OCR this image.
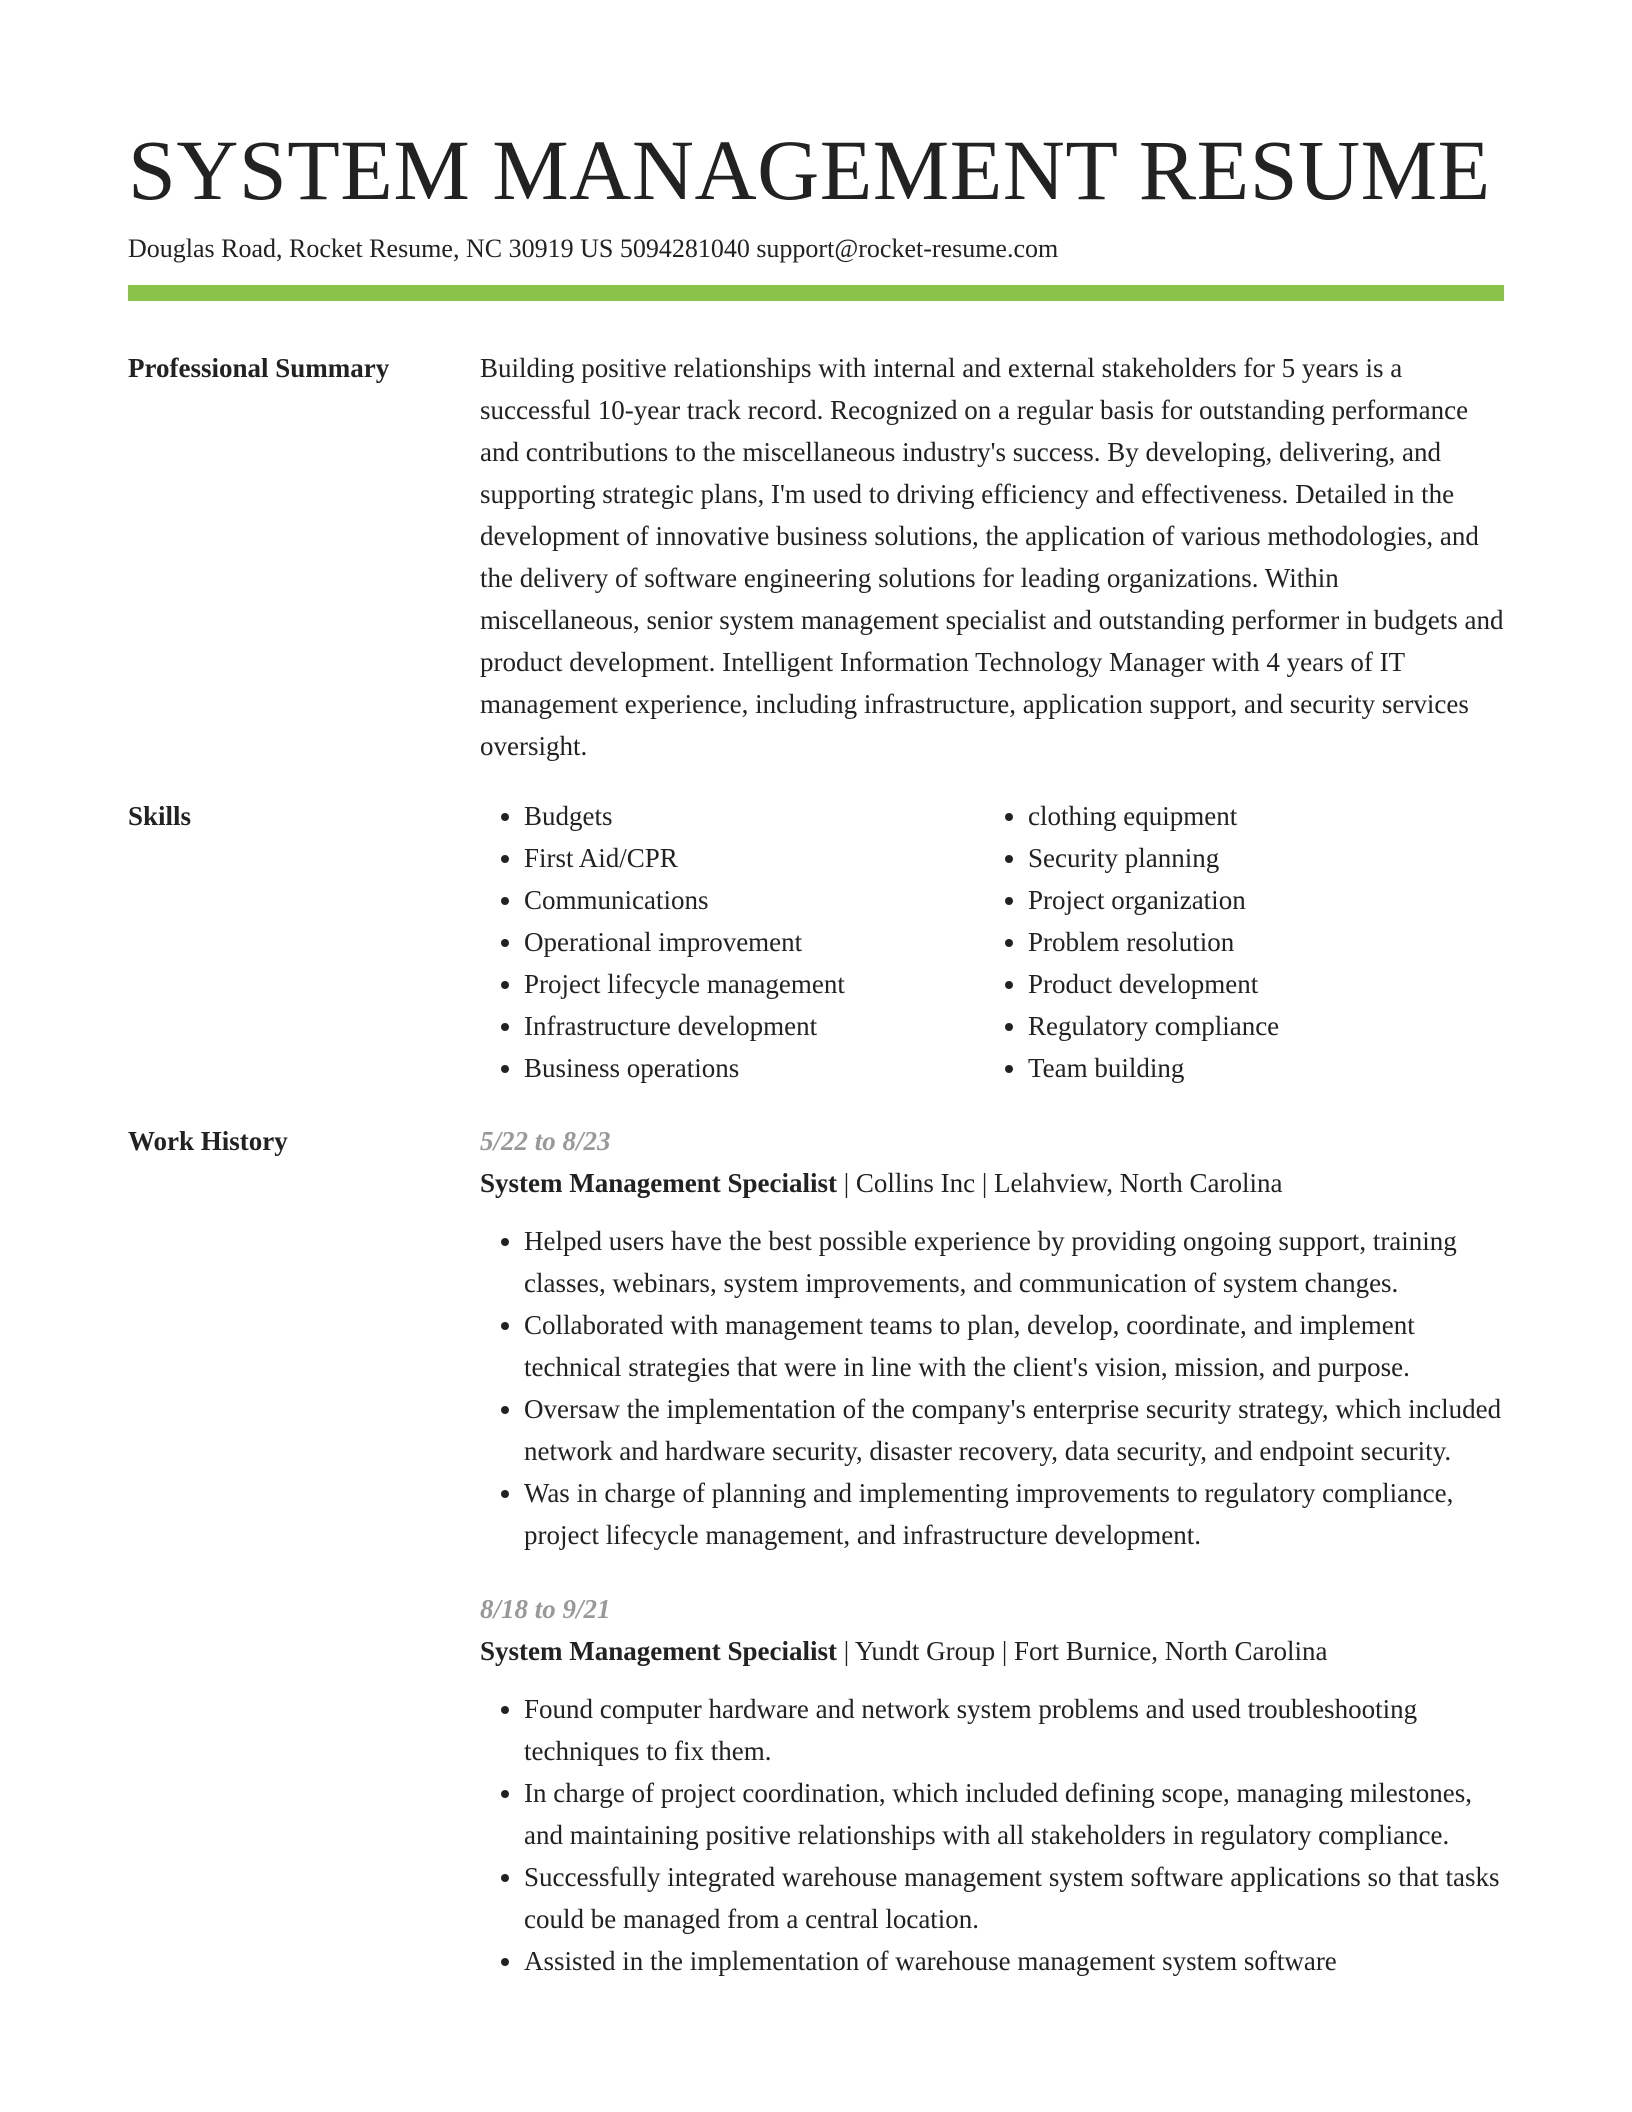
SYSTEM MANAGEMENT RESUME
Douglas Road, Rocket Resume, NC 30919 US 5094281040 support@rocket-resume.com
Professional Summary	Building positive relationships with internal and external stakeholders for 5 years is a successful 10-year track record. Recognized on a regular basis for outstanding performance and contributions to the miscellaneous industry's success. By developing, delivering, and supporting strategic plans, I'm used to driving efficiency and effectiveness. Detailed in the development of innovative business solutions, the application of various methodologies, and the delivery of software engineering solutions for leading organizations. Within miscellaneous, senior system management specialist and outstanding performer in budgets and product development. Intelligent Information Technology Manager with 4 years of IT management experience, including infrastructure, application support, and security services oversight.

Skills
•	Budgets
• First Aid/CPR
• Communications
• Operational improvement
• Project lifecycle management
• Infrastructure development
• Business operations
• clothing equipment
• Security planning
• Project organization
• Problem resolution
• Product development
• Regulatory compliance
• Team building
Work History	5/22 to 8/23
System Management Specialist | Collins Inc | Lelahview, North Carolina
• Helped users have the best possible experience by providing ongoing support, training classes, webinars, system improvements, and communication of system changes.
• Collaborated with management teams to plan, develop, coordinate, and implement technical strategies that were in line with the client's vision, mission, and purpose.
• Oversaw the implementation of the company's enterprise security strategy, which included network and hardware security, disaster recovery, data security, and endpoint security.
• Was in charge of planning and implementing improvements to regulatory compliance, project lifecycle management, and infrastructure development.
8/18 to 9/21
System Management Specialist | Yundt Group | Fort Burnice, North Carolina
• Found computer hardware and network system problems and used troubleshooting techniques to fix them.
• In charge of project coordination, which included defining scope, managing milestones, and maintaining positive relationships with all stakeholders in regulatory compliance.
• Successfully integrated warehouse management system software applications so that tasks could be managed from a central location.
• Assisted in the implementation of warehouse management system software
